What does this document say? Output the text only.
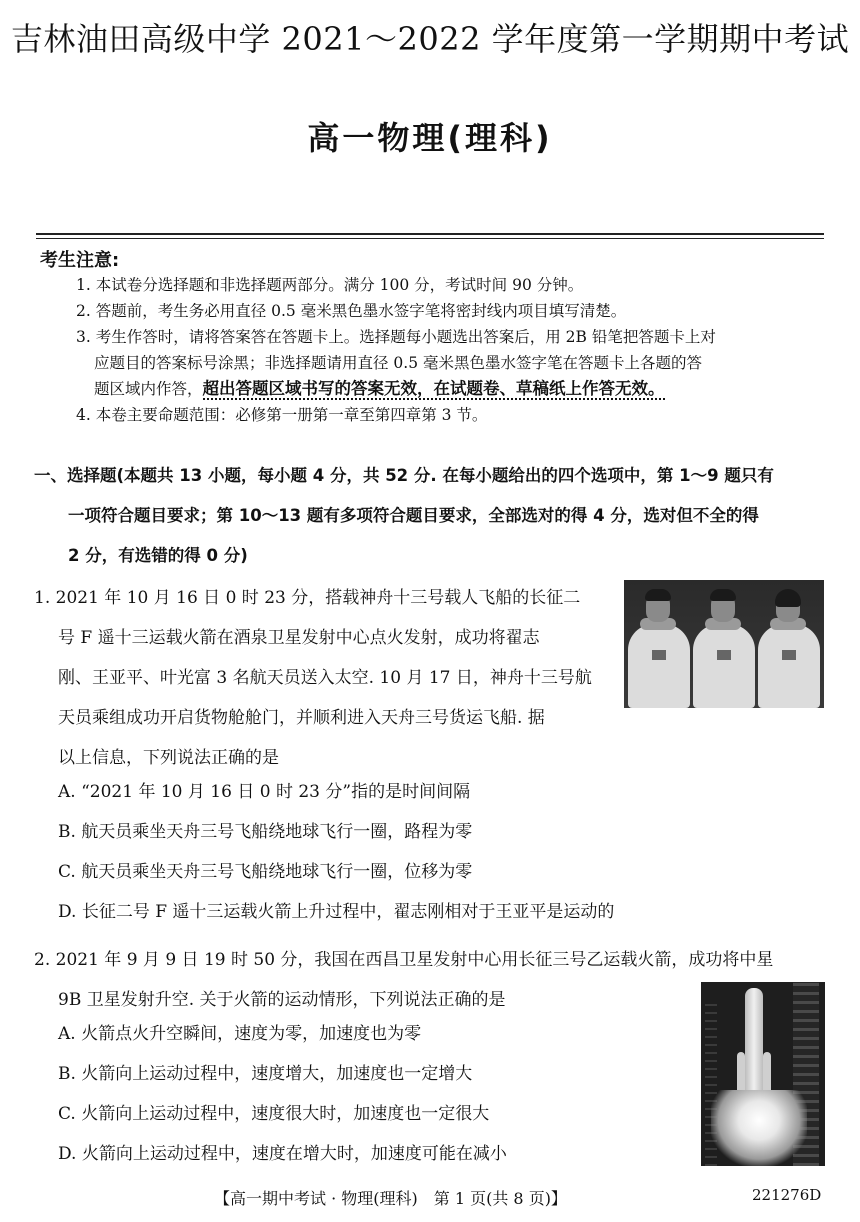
吉林油田高级中学 2021～2022 学年度第一学期期中考试
高一物理(理科)
考生注意:
1. 本试卷分选择题和非选择题两部分。满分 100 分，考试时间 90 分钟。
2. 答题前，考生务必用直径 0.5 毫米黑色墨水签字笔将密封线内项目填写清楚。
3. 考生作答时，请将答案答在答题卡上。选择题每小题选出答案后，用 2B 铅笔把答题卡上对
应题目的答案标号涂黑；非选择题请用直径 0.5 毫米黑色墨水签字笔在答题卡上各题的答
题区域内作答，超出答题区域书写的答案无效，在试题卷、草稿纸上作答无效。
4. 本卷主要命题范围：必修第一册第一章至第四章第 3 节。
一、选择题(本题共 13 小题，每小题 4 分，共 52 分. 在每小题给出的四个选项中，第 1～9 题只有
一项符合题目要求；第 10～13 题有多项符合题目要求，全部选对的得 4 分，选对但不全的得
2 分，有选错的得 0 分)
1. 2021 年 10 月 16 日 0 时 23 分，搭载神舟十三号载人飞船的长征二
号 F 遥十三运载火箭在酒泉卫星发射中心点火发射，成功将翟志
刚、王亚平、叶光富 3 名航天员送入太空. 10 月 17 日，神舟十三号航
天员乘组成功开启货物舱舱门，并顺利进入天舟三号货运飞船. 据
以上信息，下列说法正确的是
A. “2021 年 10 月 16 日 0 时 23 分”指的是时间间隔
B. 航天员乘坐天舟三号飞船绕地球飞行一圈，路程为零
C. 航天员乘坐天舟三号飞船绕地球飞行一圈，位移为零
D. 长征二号 F 遥十三运载火箭上升过程中，翟志刚相对于王亚平是运动的
2. 2021 年 9 月 9 日 19 时 50 分，我国在西昌卫星发射中心用长征三号乙运载火箭，成功将中星
9B 卫星发射升空. 关于火箭的运动情形，下列说法正确的是
A. 火箭点火升空瞬间，速度为零，加速度也为零
B. 火箭向上运动过程中，速度增大，加速度也一定增大
C. 火箭向上运动过程中，速度很大时，加速度也一定很大
D. 火箭向上运动过程中，速度在增大时，加速度可能在减小
【高一期中考试 · 物理(理科)　第 1 页(共 8 页)】	221276D
